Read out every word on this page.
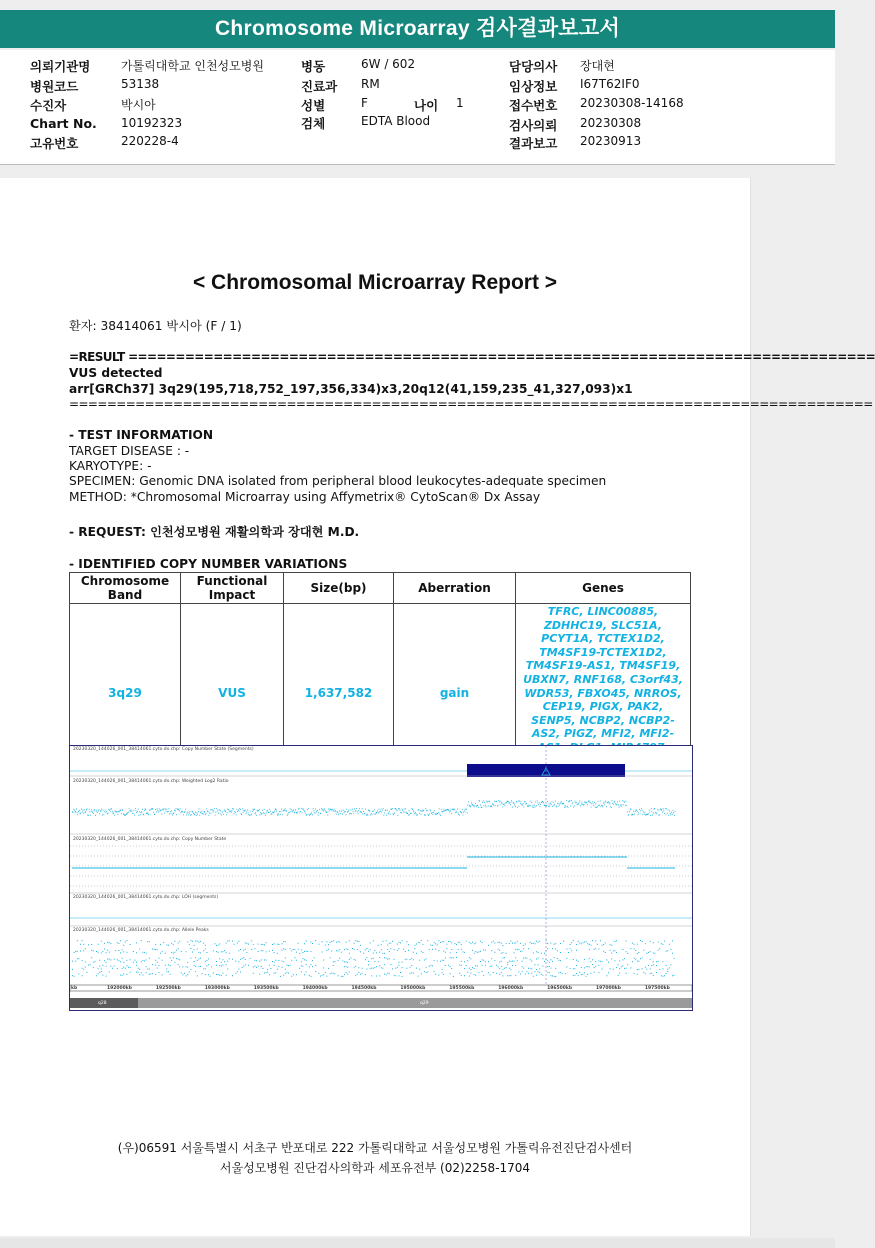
Chromosome Microarray 검사결과보고서
의뢰기관명	가톨릭대학교 인천성모병원
병원코드	53138
수진자	박시아
Chart No. 10192323
고유번호	220228-4
병동	6W / 602
진료과 RM
성별	F	나이 1
검체	EDTA Blood
담당의사 장대현
임상정보 I67T62IF0
접수번호 20230308-14168
검사의뢰 20230308
결과보고 20230913
< Chromosomal Microarray Report >
환자: 38414061 박시아 (F / 1)
=RESULT ===============================================================================
VUS detected
arr[GRCh37] 3q29(195,718,752_197,356,334)x3,20q12(41,159,235_41,327,093)x1
=====================================================================================
- TEST INFORMATION
TARGET DISEASE : -
KARYOTYPE: -
SPECIMEN: Genomic DNA isolated from peripheral blood leukocytes-adequate specimen
METHOD: *Chromosomal Microarray using Affymetrix® CytoScan® Dx Assay
- REQUEST: 인천성모병원 재활의학과 장대현 M.D.
- IDENTIFIED COPY NUMBER VARIATIONS
Chromosome Band	Functional Impact	Size(bp)	Aberration	Genes
3q29	VUS	1,637,582	gain	TFRC, LINC00885, ZDHHC19, SLC51A, PCYT1A, TCTEX1D2, TM4SF19-TCTEX1D2, TM4SF19-AS1, TM4SF19, UBXN7, RNF168, C3orf43, WDR53, FBXO45, NRROS, CEP19, PIGX, PAK2, SENP5, NCBP2, NCBP2-AS2, PIGZ, MFI2, MFI2-
20230320_144026_001_38414061.cyto.dx.chp: Copy Number State (Segments)
20230320_144026_001_38414061.cyto.dx.chp: Weighted Log2 Ratio
20230320_144026_001_38414061.cyto.dx.chp: Copy Number State
20230320_144026_001_38414061.cyto.dx.chp: LOH (segments)
20230320_144026_001_38414061.cyto.dx.chp: Allele Peaks
kb	192000kb	192500kb	193000kb	193500kb	194000kb	194500kb	195000kb	195500kb	196000kb	196500kb	197000kb	197500kb
q28	q29
(우)06591 서울특별시 서초구 반포대로 222 가톨릭대학교 서울성모병원 가톨릭유전진단검사센터
서울성모병원 진단검사의학과 세포유전부 (02)2258-1704
